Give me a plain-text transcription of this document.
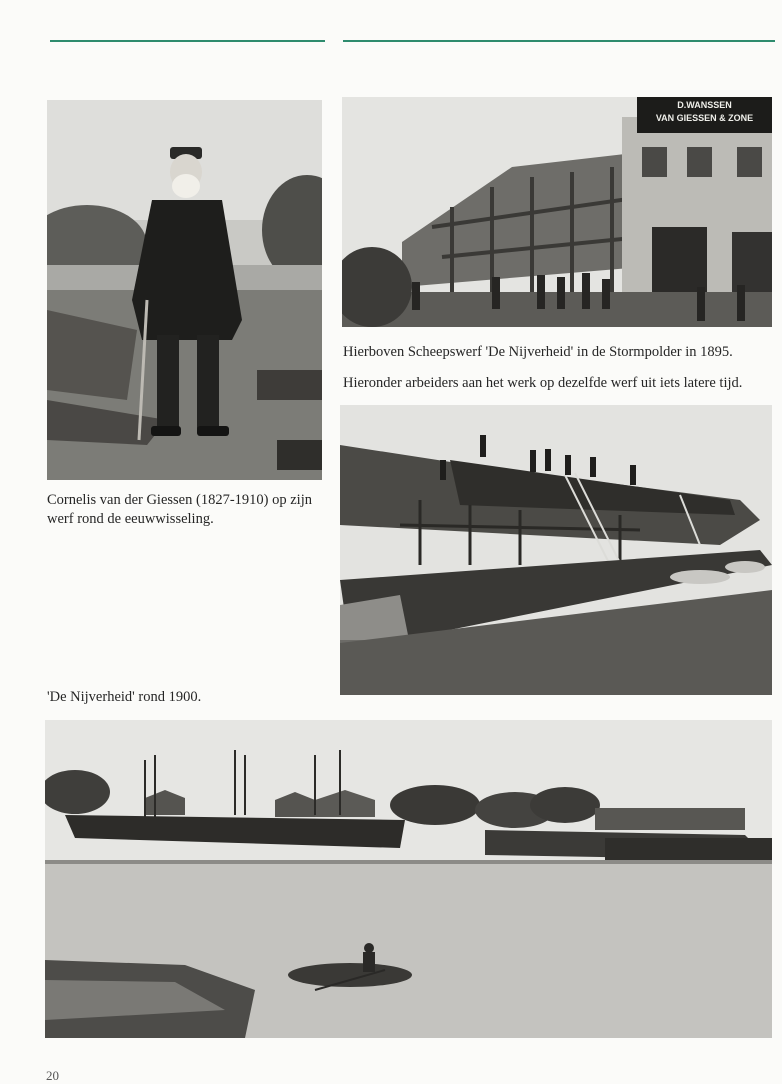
D.WANSSEN
VAN GIESSEN & ZONE

Hierboven Scheepswerf 'De Nijverheid' in de Stormpolder in 1895.

Hieronder arbeiders aan het werk op dezelfde werf uit iets latere tijd.

Cornelis van der Giessen (1827-1910) op zijn werf rond de eeuwwisseling.

'De Nijverheid' rond 1900.

20
